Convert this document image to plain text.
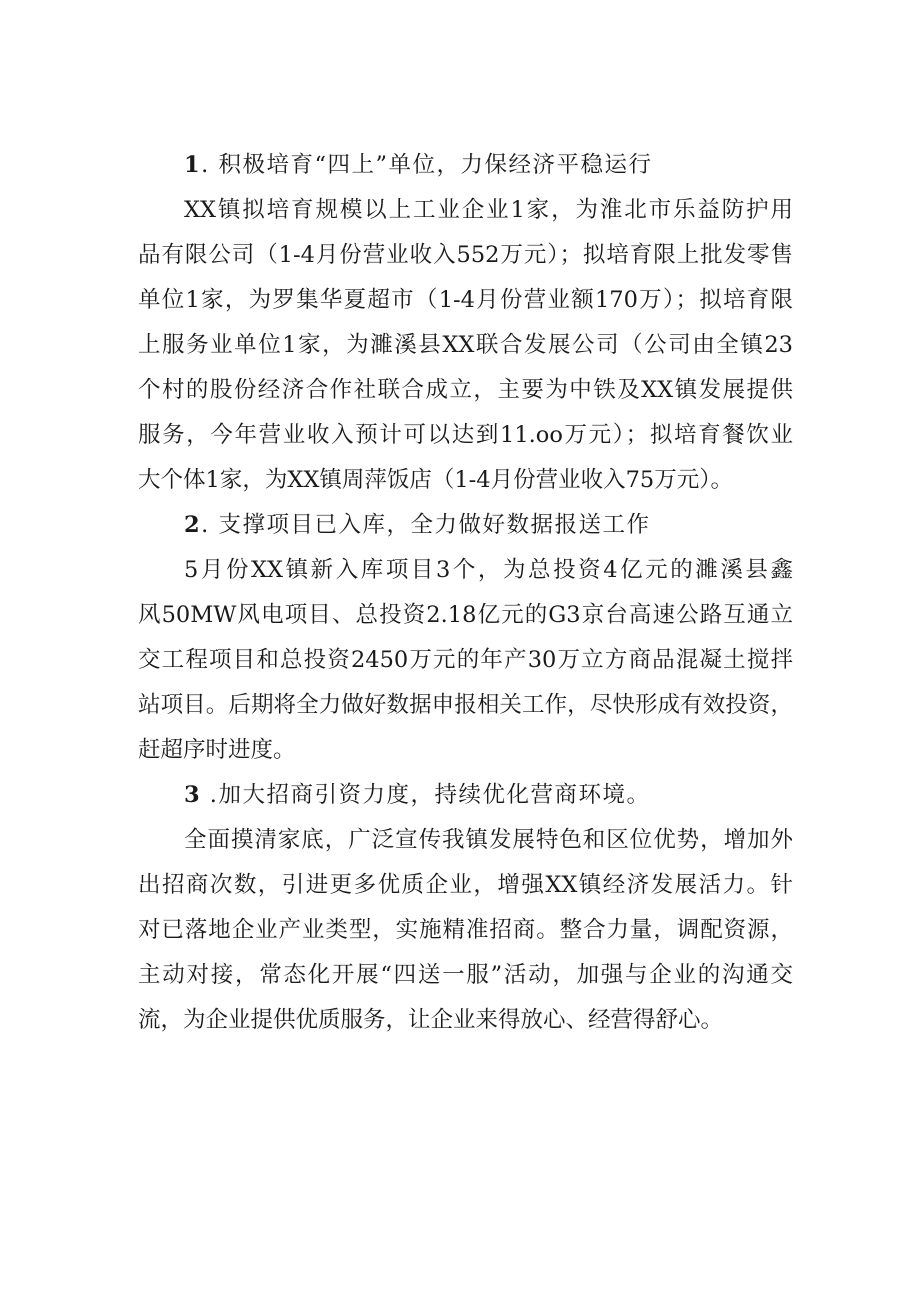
1. 积极培育“四上”单位，力保经济平稳运行
XX镇拟培育规模以上工业企业1家，为淮北市乐益防护用
品有限公司（1-4月份营业收入552万元）；拟培育限上批发零售
单位1家，为罗集华夏超市（1-4月份营业额170万）；拟培育限
上服务业单位1家，为濉溪县XX联合发展公司（公司由全镇23
个村的股份经济合作社联合成立，主要为中铁及XX镇发展提供
服务，今年营业收入预计可以达到11.oo万元）；拟培育餐饮业
大个体1家，为XX镇周萍饭店（1-4月份营业收入75万元）。
2. 支撑项目已入库，全力做好数据报送工作
5月份XX镇新入库项目3个，为总投资4亿元的濉溪县鑫
风50MW风电项目、总投资2.18亿元的G3京台高速公路互通立
交工程项目和总投资2450万元的年产30万立方商品混凝土搅拌
站项目。后期将全力做好数据申报相关工作，尽快形成有效投资，
赶超序时进度。
3 .加大招商引资力度，持续优化营商环境。
全面摸清家底，广泛宣传我镇发展特色和区位优势，增加外
出招商次数，引进更多优质企业，增强XX镇经济发展活力。针
对已落地企业产业类型，实施精准招商。整合力量，调配资源，
主动对接，常态化开展“四送一服”活动，加强与企业的沟通交
流，为企业提供优质服务，让企业来得放心、经营得舒心。
